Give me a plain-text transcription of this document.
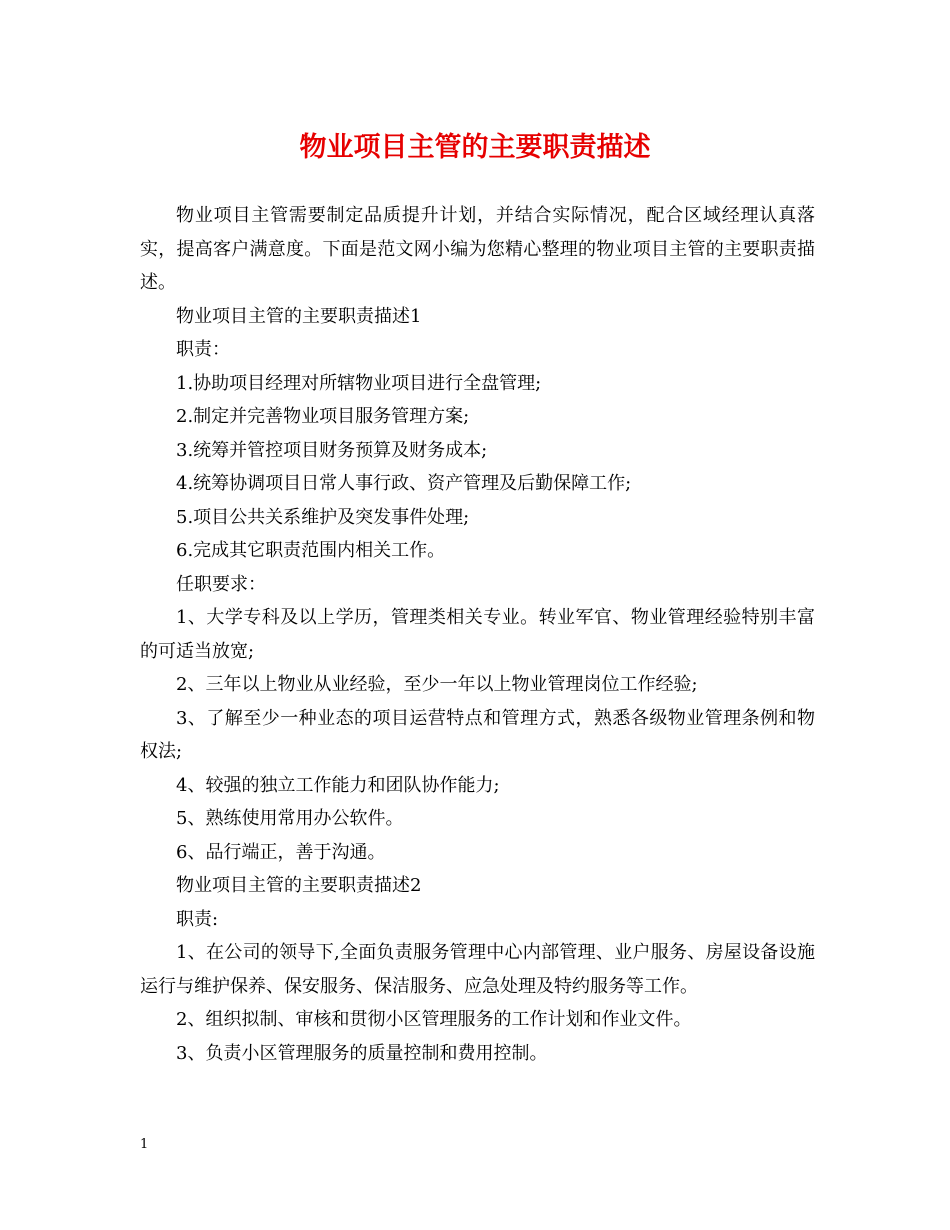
物业项目主管的主要职责描述

物业项目主管需要制定品质提升计划，并结合实际情况，配合区域经理认真落实，提高客户满意度。下面是范文网小编为您精心整理的物业项目主管的主要职责描述。

物业项目主管的主要职责描述1

职责：

1.协助项目经理对所辖物业项目进行全盘管理;

2.制定并完善物业项目服务管理方案;

3.统筹并管控项目财务预算及财务成本;

4.统筹协调项目日常人事行政、资产管理及后勤保障工作;

5.项目公共关系维护及突发事件处理;

6.完成其它职责范围内相关工作。

任职要求：

1、大学专科及以上学历，管理类相关专业。转业军官、物业管理经验特别丰富的可适当放宽;

2、三年以上物业从业经验，至少一年以上物业管理岗位工作经验;

3、了解至少一种业态的项目运营特点和管理方式，熟悉各级物业管理条例和物权法;

4、较强的独立工作能力和团队协作能力;

5、熟练使用常用办公软件。

6、品行端正，善于沟通。

物业项目主管的主要职责描述2

职责:

1、在公司的领导下,全面负责服务管理中心内部管理、业户服务、房屋设备设施运行与维护保养、保安服务、保洁服务、应急处理及特约服务等工作。

2、组织拟制、审核和贯彻小区管理服务的工作计划和作业文件。

3、负责小区管理服务的质量控制和费用控制。

1
